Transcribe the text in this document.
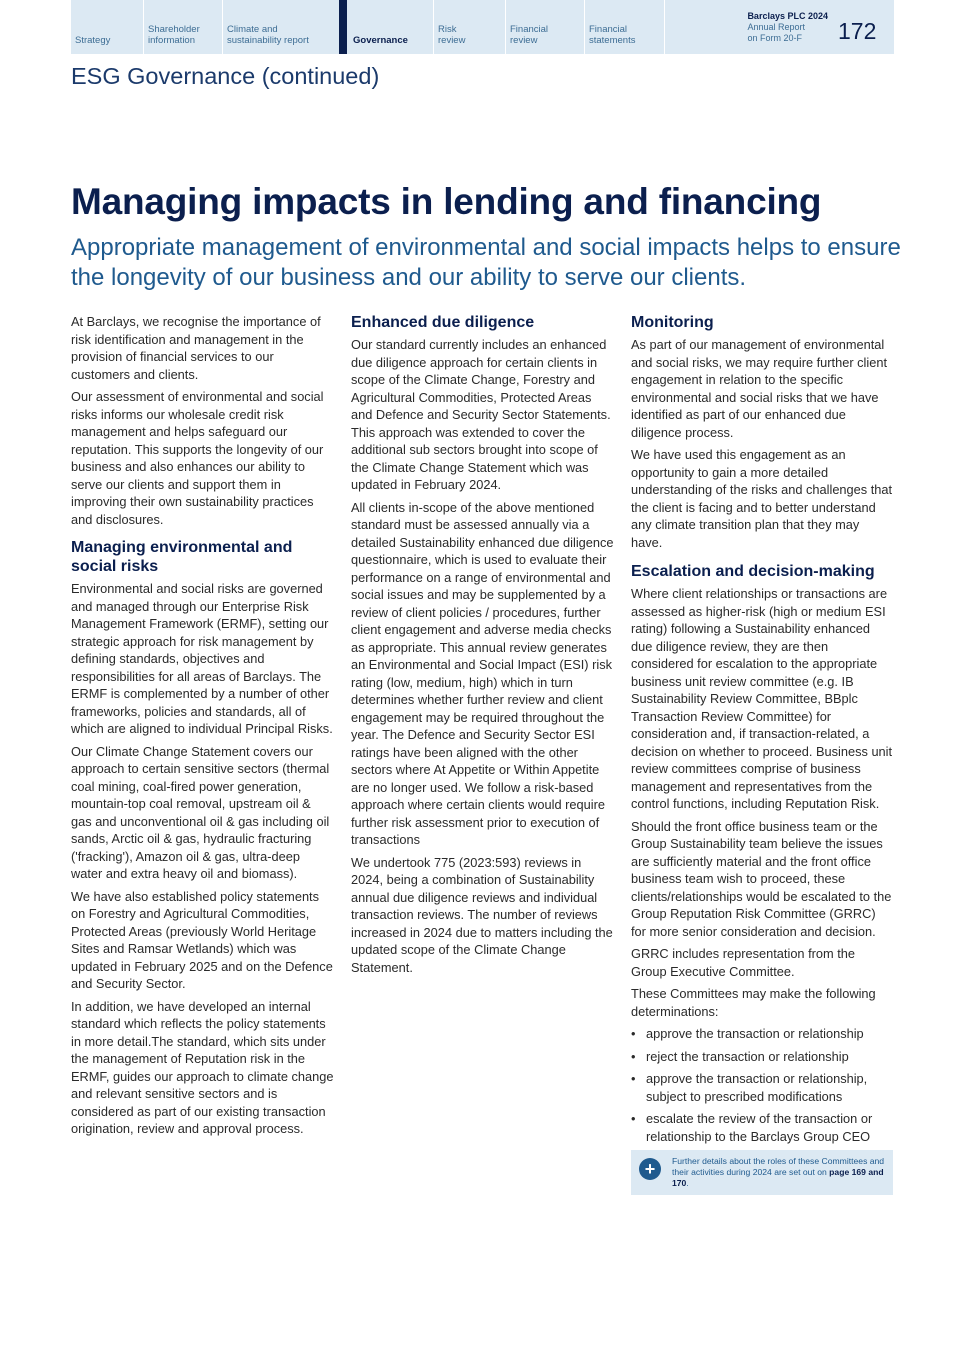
Strategy
Shareholder
information
Climate and
sustainability report	Governance
Risk
review
Financial
review
Financial
statements
Barclays PLC 2024
Annual Report
on Form 20-F	172
ESG Governance (continued)
Managing impacts in lending and financing
Appropriate management of environmental and social impacts helps to ensure the longevity of our business and our ability to serve our clients.

At Barclays, we recognise the importance of risk identification and management in the provision of financial services to our customers and clients.

Our assessment of environmental and social risks informs our wholesale credit risk management and helps safeguard our reputation. This supports the longevity of our business and also enhances our ability to serve our clients and support them in improving their own sustainability practices and disclosures.

Managing environmental and social risks

Environmental and social risks are governed and managed through our Enterprise Risk Management Framework (ERMF), setting our strategic approach for risk management by defining standards, objectives and responsibilities for all areas of Barclays. The ERMF is complemented by a number of other frameworks, policies and standards, all of which are aligned to individual Principal Risks.

Our Climate Change Statement covers our approach to certain sensitive sectors (thermal coal mining, coal-fired power generation, mountain-top coal removal, upstream oil & gas and unconventional oil & gas including oil sands, Arctic oil & gas, hydraulic fracturing ('fracking'), Amazon oil & gas, ultra-deep water and extra heavy oil and biomass).

We have also established policy statements on Forestry and Agricultural Commodities, Protected Areas (previously World Heritage Sites and Ramsar Wetlands) which was updated in February 2025 and on the Defence and Security Sector.

In addition, we have developed an internal standard which reflects the policy statements in more detail.The standard, which sits under the management of Reputation risk in the ERMF, guides our approach to climate change and relevant sensitive sectors and is considered as part of our existing transaction origination, review and approval process.

Enhanced due diligence

Our standard currently includes an enhanced due diligence approach for certain clients in scope of the Climate Change, Forestry and Agricultural Commodities, Protected Areas and Defence and Security Sector Statements. This approach was extended to cover the additional sub sectors brought into scope of the Climate Change Statement which was updated in February 2024.

All clients in-scope of the above mentioned standard must be assessed annually via a detailed Sustainability enhanced due diligence questionnaire, which is used to evaluate their performance on a range of environmental and social issues and may be supplemented by a review of client policies / procedures, further client engagement and adverse media checks as appropriate. This annual review generates an Environmental and Social Impact (ESI) risk rating (low, medium, high) which in turn determines whether further review and client engagement may be required throughout the year. The Defence and Security Sector ESI ratings have been aligned with the other sectors where At Appetite or Within Appetite are no longer used. We follow a risk-based approach where certain clients would require further risk assessment prior to execution of transactions

We undertook 775 (2023:593) reviews in 2024, being a combination of Sustainability annual due diligence reviews and individual transaction reviews. The number of reviews increased in 2024 due to matters including the updated scope of the Climate Change Statement.

Monitoring

As part of our management of environmental and social risks, we may require further client engagement in relation to the specific environmental and social risks that we have identified as part of our enhanced due diligence process.

We have used this engagement as an opportunity to gain a more detailed understanding of the risks and challenges that the client is facing and to better understand any climate transition plan that they may have.

Escalation and decision-making

Where client relationships or transactions are assessed as higher-risk (high or medium ESI rating) following a Sustainability enhanced due diligence review, they are then considered for escalation to the appropriate business unit review committee (e.g. IB Sustainability Review Committee, BBplc Transaction Review Committee) for consideration and, if transaction-related, a decision on whether to proceed. Business unit review committees comprise of business management and representatives from the control functions, including Reputation Risk.

Should the front office business team or the Group Sustainability team believe the issues are sufficiently material and the front office business team wish to proceed, these clients/relationships would be escalated to the Group Reputation Risk Committee (GRRC) for more senior consideration and decision.

GRRC includes representation from the Group Executive Committee.

These Committees may make the following determinations:

• approve the transaction or relationship
• reject the transaction or relationship
• approve the transaction or relationship, subject to prescribed modifications
• escalate the review of the transaction or relationship to the Barclays Group CEO
+	Further details about the roles of these Committees and their activities during 2024 are set out on page 169 and 170.
